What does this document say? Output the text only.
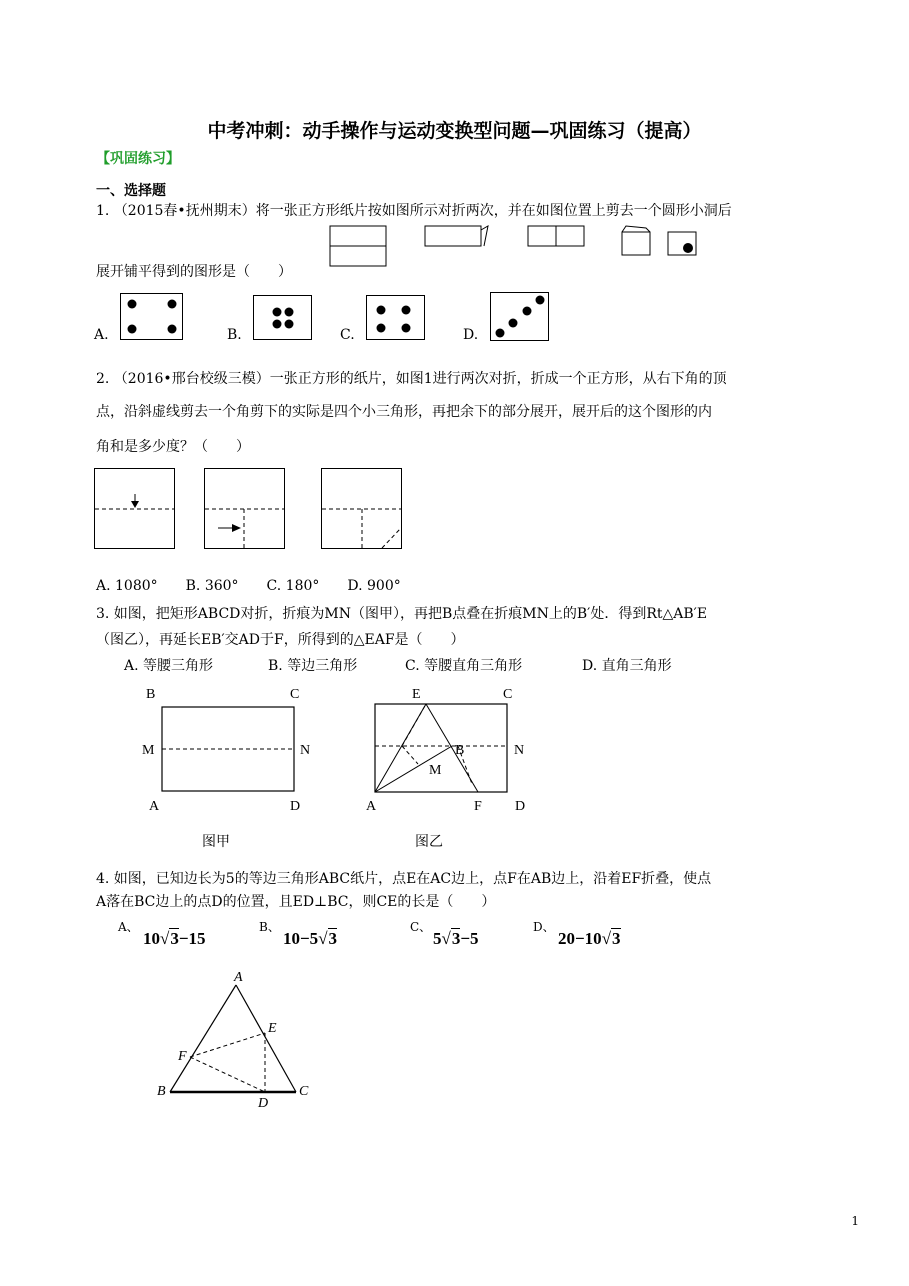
中考冲刺：动手操作与运动变换型问题—巩固练习（提高）
【巩固练习】
一、选择题
1. （2015春•抚州期末）将一张正方形纸片按如图所示对折两次，并在如图位置上剪去一个圆形小洞后
展开铺平得到的图形是（　　）
A.	B.	C.	D.
2. （2016•邢台校级三模）一张正方形的纸片，如图1进行两次对折，折成一个正方形，从右下角的顶
点，沿斜虚线剪去一个角剪下的实际是四个小三角形，再把余下的部分展开，展开后的这个图形的内
角和是多少度？（　　）
A. 1080°　　B. 360°　　C. 180°　　D. 900°
3. 如图，把矩形ABCD对折，折痕为MN（图甲），再把B点叠在折痕MN上的B′处．得到Rt△AB′E
（图乙），再延长EB′交AD于F，所得到的△EAF是（　　）
A. 等腰三角形	B. 等边三角形	C. 等腰直角三角形	D. 直角三角形
B	C
M	N
A	D
图甲
E	C
B	N
M
A	F D
图乙
4. 如图，已知边长为5的等边三角形ABC纸片，点E在AC边上，点F在AB边上，沿着EF折叠，使点
A落在BC边上的点D的位置，且ED⊥BC，则CE的长是（　　）
A、
10√3−15
B、
10−5√3
C、
5√3−5
D、
20−10√3
A
E
F
B
D
C
1
